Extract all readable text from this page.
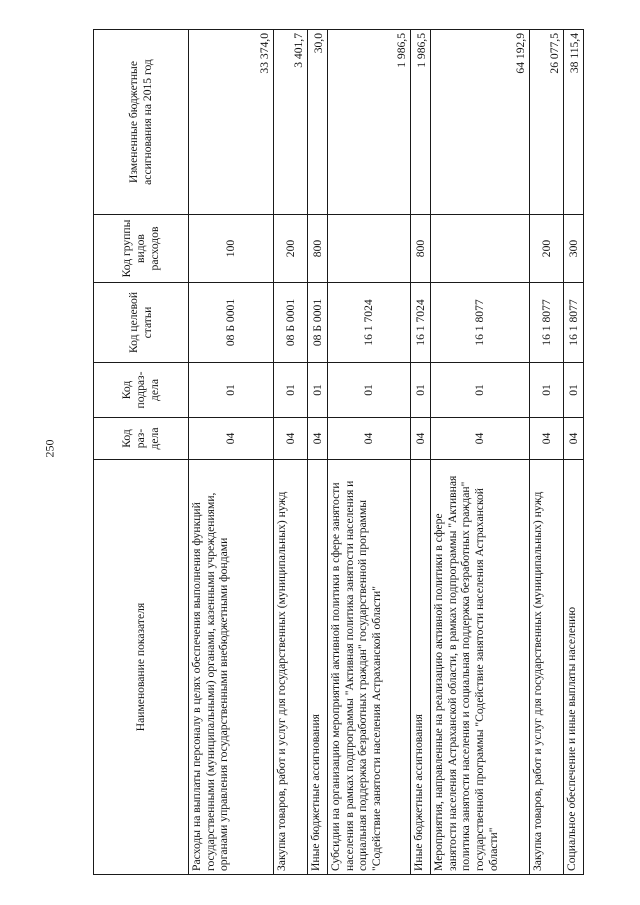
250
Наименование показателя	Код раз-дела	Код подраз-дела	Код целевой статьи	Код группы видов расходов	Измененные бюджетные ассигнования на 2015 год
Расходы на выплаты персоналу в целях обеспечения выполнения функций государственными (муниципальными) органами, казенными учреждениями, органами управления государственными внебюджетными фондами	04	01	08 Б 0001	100	33 374,0
Закупка товаров, работ и услуг для государственных (муниципальных) нужд	04	01	08 Б 0001	200	3 401,7
Иные бюджетные ассигнования	04	01	08 Б 0001	800	30,0
Субсидии на организацию мероприятий активной политики в сфере занятости населения в рамках подпрограммы "Активная политика занятости населения и социальная поддержка безработных граждан" государственной программы "Содействие занятости населения Астраханской области"	04	01	16 1 7024		1 986,5
Иные бюджетные ассигнования	04	01	16 1 7024	800	1 986,5
Мероприятия, направленные на реализацию активной политики в сфере занятости населения Астраханской области, в рамках подпрограммы "Активная политика занятости населения и социальная поддержка безработных граждан" государственной программы "Содействие занятости населения Астраханской области"	04	01	16 1 8077		64 192,9
Закупка товаров, работ и услуг для государственных (муниципальных) нужд	04	01	16 1 8077	200	26 077,5
Социальное обеспечение и иные выплаты населению	04	01	16 1 8077	300	38 115,4
